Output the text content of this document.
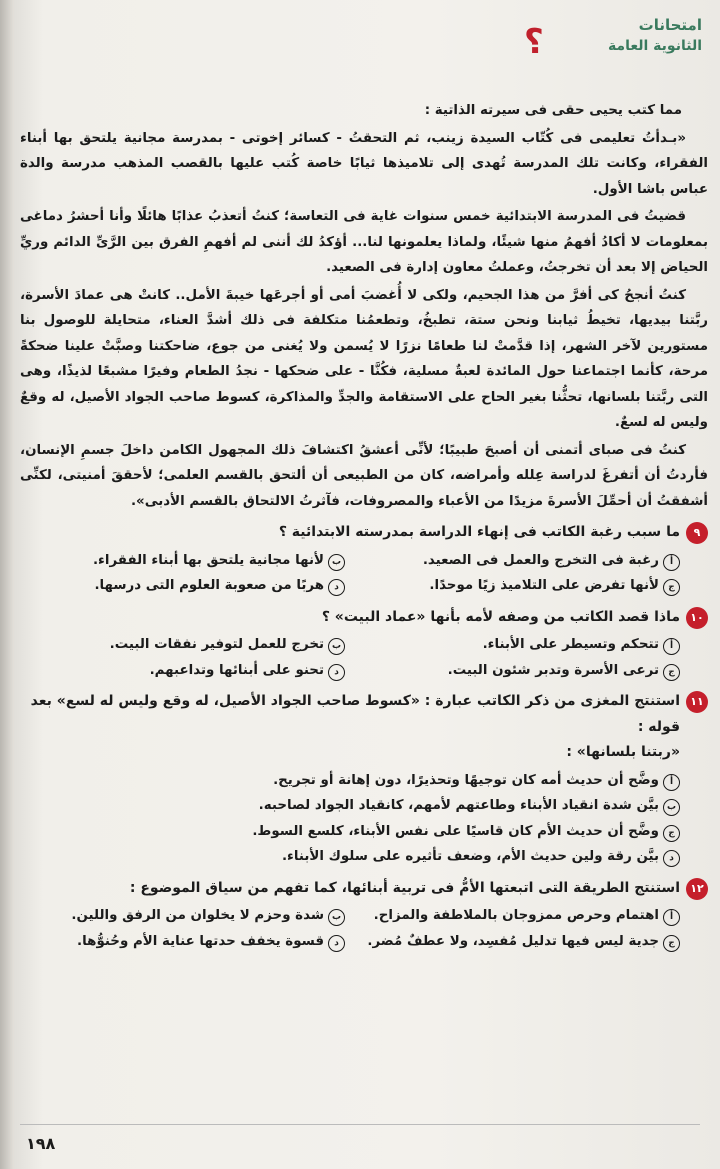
امتحانات
الثانوية العامة
؟

مما كتب يحيى حقى فى سيرته الذاتية :

«بـدأتُ تعليمى فى كُتّاب السيدة زينب، ثم التحقتُ - كسائر إخوتى - بمدرسة مجانية يلتحق بها أبناء الفقراء، وكانت تلك المدرسة تُهدى إلى تلاميذها ثيابًا خاصة كُتب عليها بالقصب المذهب مدرسة والدة عباس باشا الأول.

قضيتُ فى المدرسة الابتدائية خمس سنوات غاية فى التعاسة؛ كنتُ أتعذبُ عذابًا هائلًا وأنا أحشرُ دماغى بمعلومات لا أكادُ أفهمُ منها شيئًا، ولماذا يعلمونها لنا... أؤكدُ لك أننى لم أفهمِ الفرق بين الرَّىِّ الدائم وريِّ الحياض إلا بعد أن تخرجتُ، وعملتُ معاون إدارة فى الصعيد.

كنتُ أنجحُ كى أفرَّ من هذا الجحيم، ولكى لا أُغضبَ أمى أو أجرعَها خيبةَ الأمل.. كانتْ هى عمادَ الأسرة، ربَّتنا بيديها، تخيطُ ثيابنا ونحن ستة، تطبخُ، وتطعمُنا متكلفة فى ذلك أشدَّ العناء، متحايلة للوصول بنا مستورين لآخر الشهر، إذا قدَّمتْ لنا طعامًا نزرًا لا يُسمن ولا يُغنى من جوع، ضاحكتنا وصبَّتْ علينا ضحكةً مرحة، كأنما اجتماعنا حول المائدة لعبةٌ مسلية، فكُنَّا - على ضحكها - نجدُ الطعام وفيرًا مشبعًا لذيذًا، وهى التى ربَّتنا بلسانها، تحثُّنا بغير الحاح على الاستقامة والجدِّ والمذاكرة، كسوط صاحب الجواد الأصيل، له وقعٌ وليس له لسعٌ.

كنتُ فى صباى أتمنى أن أصبحَ طبيبًا؛ لأنِّى أعشقُ اكتشافَ ذلك المجهول الكامن داخلَ جسمِ الإنسان، فأردتُ أن أتفرغَ لدراسة عِلله وأمراضه، كان من الطبيعى أن ألتحق بالقسم العلمى؛ لأحققَ أمنيتى، لكنِّى أشفقتُ أن أحمِّلَ الأسرةَ مزيدًا من الأعباء والمصروفات، فآثرتُ الالتحاق بالقسم الأدبى».

٩
ما سبب رغبة الكاتب فى إنهاء الدراسة بمدرسته الابتدائية ؟
أ
رغبة فى التخرج والعمل فى الصعيد.
ب
لأنها مجانية يلتحق بها أبناء الفقراء.
ج
لأنها تفرض على التلاميذ زيًا موحدًا.
د
هربًا من صعوبة العلوم التى درسها.
١٠
ماذا قصد الكاتب من وصفه لأمه بأنها «عماد البيت» ؟
أ
تتحكم وتسيطر على الأبناء.
ب
تخرج للعمل لتوفير نفقات البيت.
ج
ترعى الأسرة وتدبر شئون البيت.
د
تحنو على أبنائها وتداعبهم.
١١
استنتج المغزى من ذكر الكاتب عبارة : «كسوط صاحب الجواد الأصيل، له وقع وليس له لسع» بعد قوله :
«ربتنا بلسانها» :
أ
وضَّح أن حديث أمه كان توجيهًا وتحذيرًا، دون إهانة أو تجريح.
ب
بيَّن شدة انقياد الأبناء وطاعتهم لأمهم، كانقياد الجواد لصاحبه.
ج
وضَّح أن حديث الأم كان قاسيًا على نفس الأبناء، كلسع السوط.
د
بيَّن رقة ولين حديث الأم، وضعف تأثيره على سلوك الأبناء.
١٢
استنتج الطريقة التى اتبعتها الأمُّ فى تربية أبنائها، كما تفهم من سياق الموضوع :
أ
اهتمام وحرص ممزوجان بالملاطفة والمزاح.
ب
شدة وحزم لا يخلوان من الرفق واللين.
ج
جدية ليس فيها تدليل مُفسِد، ولا عطفٌ مُضر.
د
قسوة يخفف حدتها عناية الأم وحُنوُّها.
١٩٨
